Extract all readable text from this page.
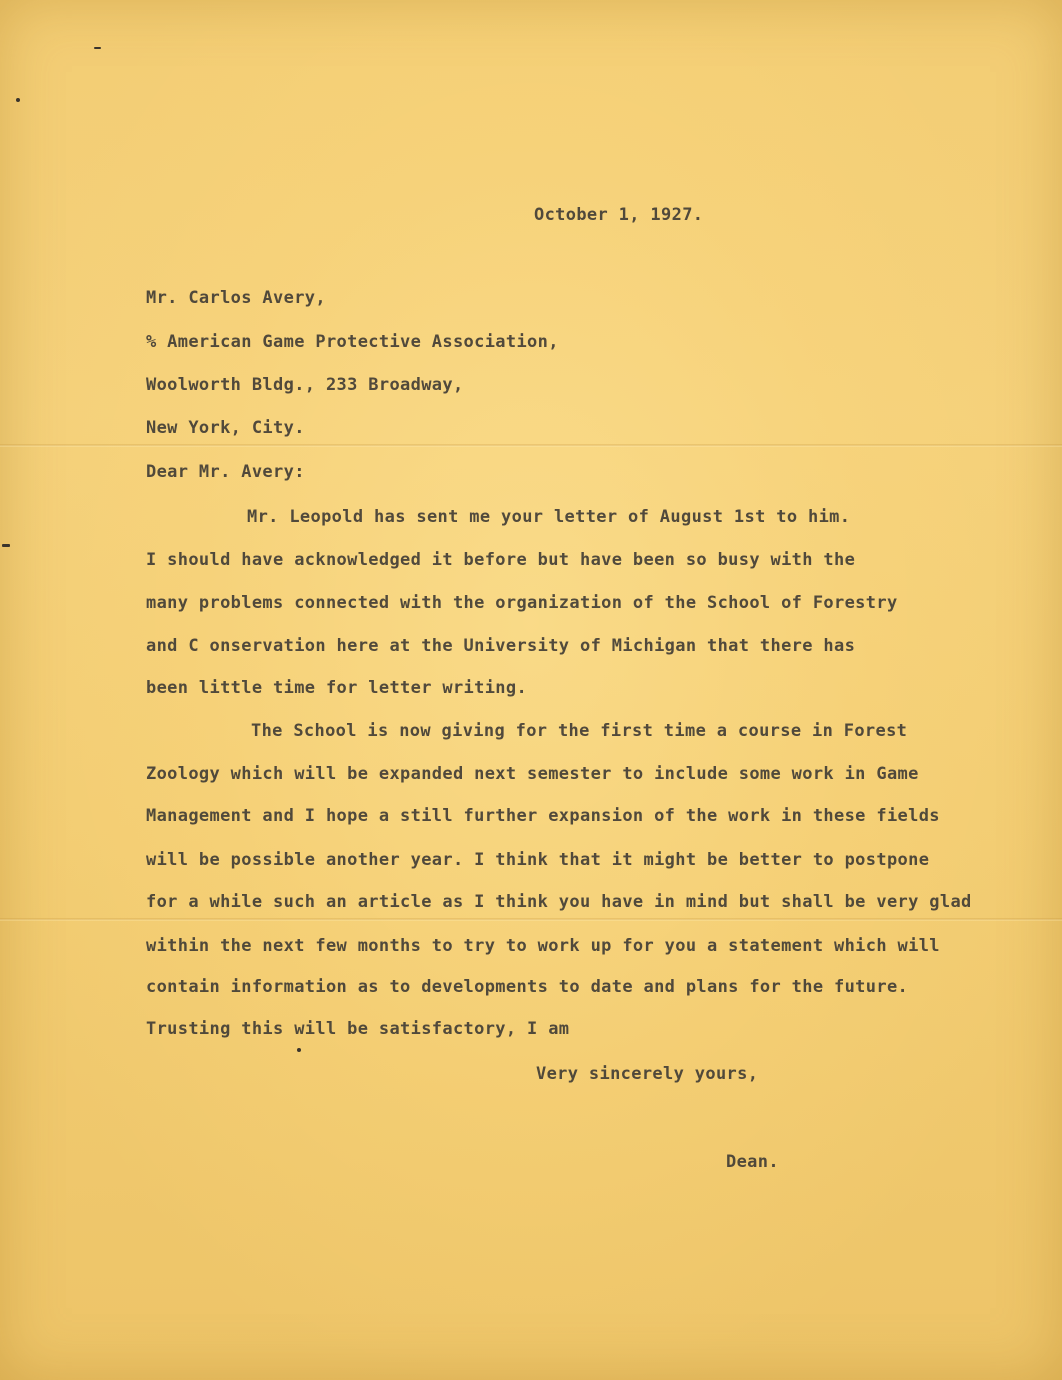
October 1, 1927.
Mr. Carlos Avery,
% American Game Protective Association,
Woolworth Bldg., 233 Broadway,
New York, City.
Dear Mr. Avery:
Mr. Leopold has sent me your letter of August 1st to him.
I should have acknowledged it before but have been so busy with the
many problems connected with the organization of the School of Forestry
and C onservation here at the University of Michigan that there has
been little time for letter writing.
The School is now giving for the first time a course in Forest
Zoology which will be expanded next semester to include some work in Game
Management and I hope a still further expansion of the work in these fields
will be possible another year. I think that it might be better to postpone
for a while such an article as I think you have in mind but shall be very glad
within the next few months to try to work up for you a statement which will
contain information as to developments to date and plans for the future.
Trusting this will be satisfactory, I am
Very sincerely yours,
Dean.
